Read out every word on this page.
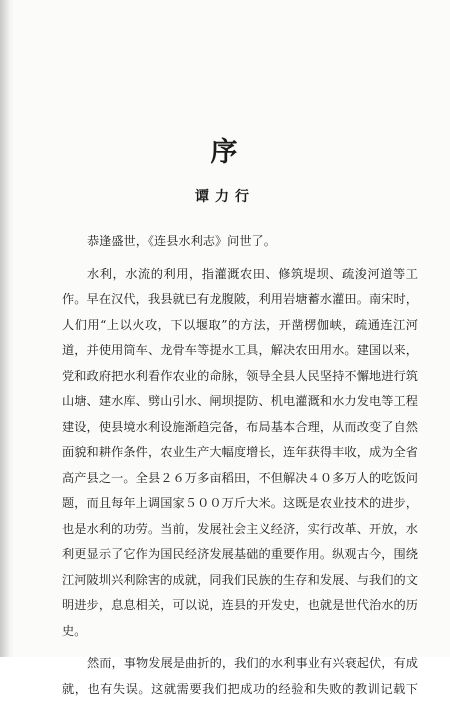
序
谭力行

恭逢盛世，《连县水利志》问世了。

水利，水流的利用，指灌溉农田、修筑堤坝、疏浚河道等工
作。早在汉代，我县就已有龙腹陂，利用岩塘蓄水灌田。南宋时，
人们用“上以火攻，下以堰取”的方法，开凿楞伽峡，疏通连江河
道，并使用筒车、龙骨车等提水工具，解决农田用水。建国以来，
党和政府把水利看作农业的命脉，领导全县人民坚持不懈地进行筑
山塘、建水库、劈山引水、闸坝提防、机电灌溉和水力发电等工程
建设，使县境水利设施渐趋完备，布局基本合理，从而改变了自然
面貌和耕作条件，农业生产大幅度增长，连年获得丰收，成为全省
高产县之一。全县２６万多亩稻田，不但解决４０多万人的吃饭问
题，而且每年上调国家５００万斤大米。这既是农业技术的进步，
也是水利的功劳。当前，发展社会主义经济，实行改革、开放，水
利更显示了它作为国民经济发展基础的重要作用。纵观古今，围绕
江河陂圳兴利除害的成就，同我们民族的生存和发展、与我们的文
明进步，息息相关，可以说，连县的开发史，也就是世代治水的历
史。

然而，事物发展是曲折的，我们的水利事业有兴衰起伏，有成
就，也有失误。这就需要我们把成功的经验和失败的教训记载下
